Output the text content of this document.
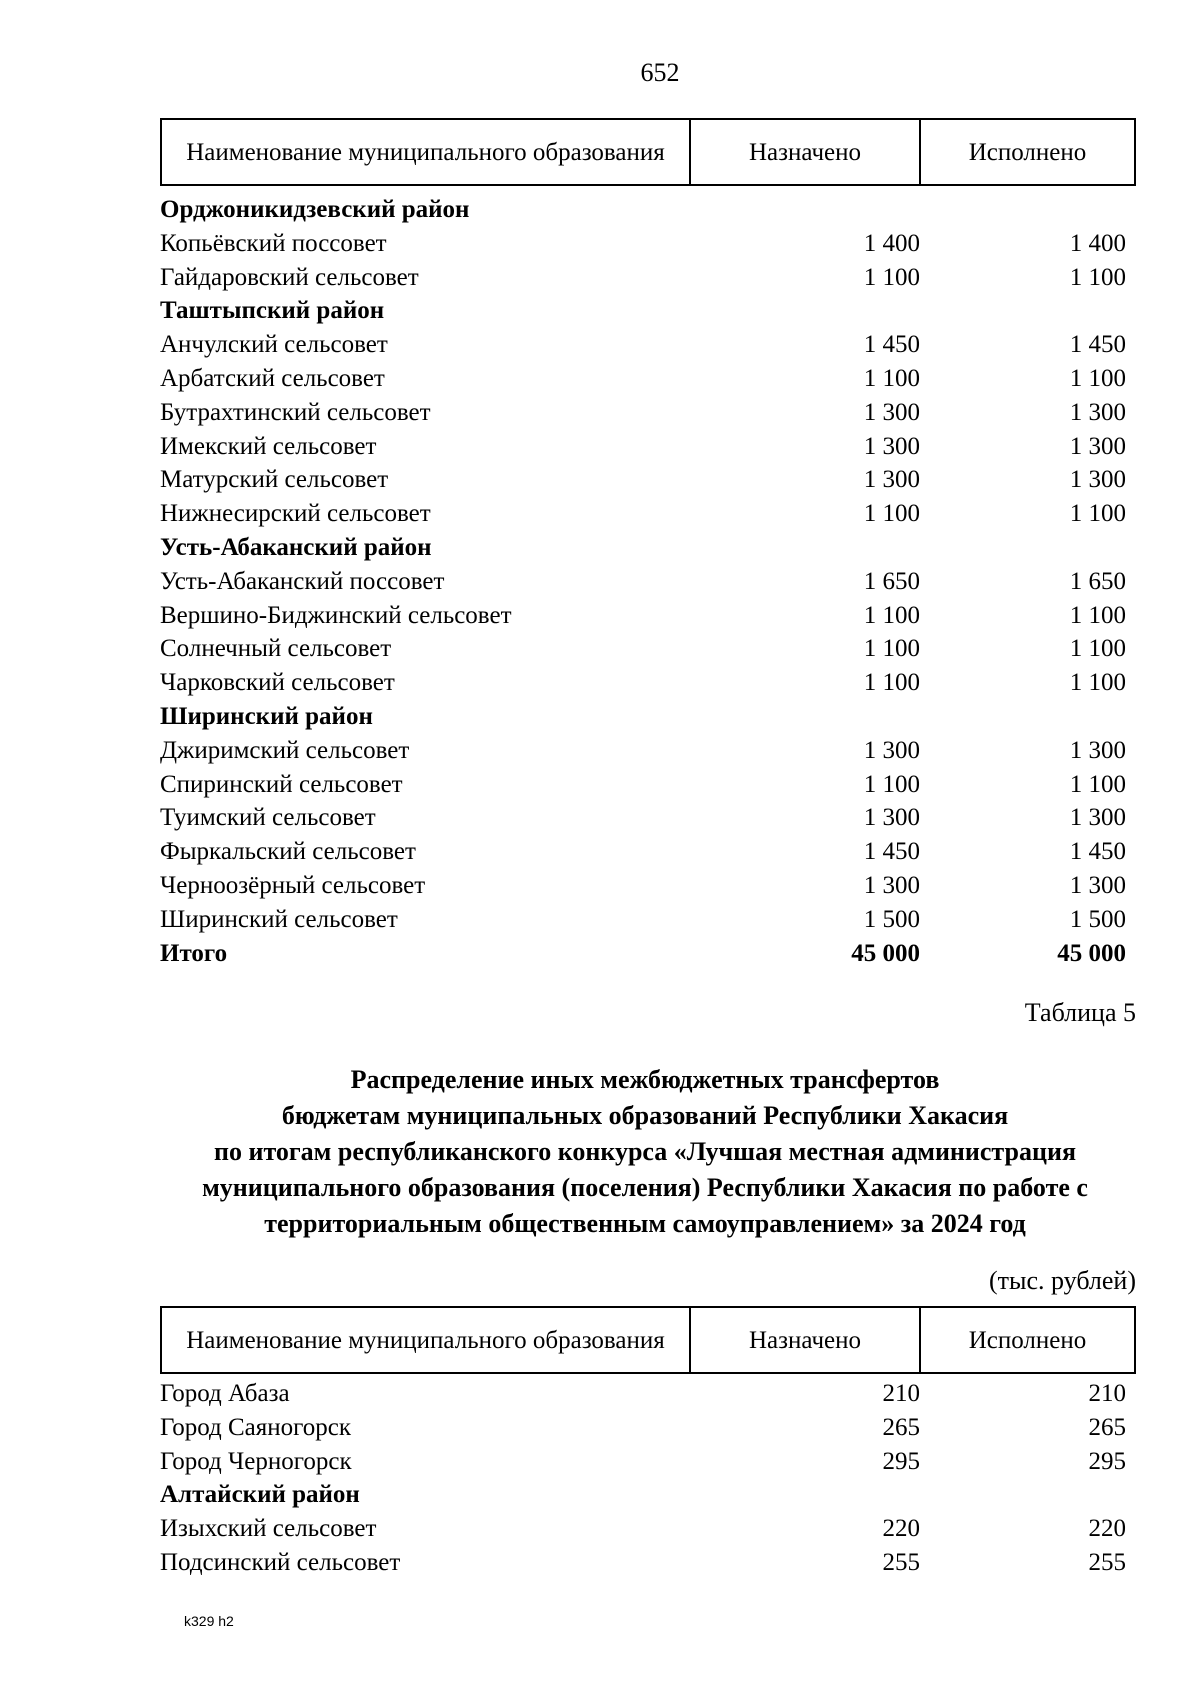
652
Наименование муниципального образования	Назначено	Исполнено
Орджоникидзевский район
Копьёвский поссовет	1 400	1 400
Гайдаровский сельсовет	1 100	1 100
Таштыпский район
Анчулский сельсовет	1 450	1 450
Арбатский сельсовет	1 100	1 100
Бутрахтинский сельсовет	1 300	1 300
Имекский сельсовет	1 300	1 300
Матурский сельсовет	1 300	1 300
Нижнесирский сельсовет	1 100	1 100
Усть-Абаканский район
Усть-Абаканский поссовет	1 650	1 650
Вершино-Биджинский сельсовет	1 100	1 100
Солнечный сельсовет	1 100	1 100
Чарковский сельсовет	1 100	1 100
Ширинский район
Джиримский сельсовет	1 300	1 300
Спиринский сельсовет	1 100	1 100
Туимский сельсовет	1 300	1 300
Фыркальский сельсовет	1 450	1 450
Черноозёрный сельсовет	1 300	1 300
Ширинский сельсовет	1 500	1 500
Итого	45 000	45 000
Таблица 5
Распределение иных межбюджетных трансфертов
бюджетам муниципальных образований Республики Хакасия
по итогам республиканского конкурса «Лучшая местная администрация
муниципального образования (поселения) Республики Хакасия по работе с
территориальным общественным самоуправлением» за 2024 год
(тыс. рублей)
Наименование муниципального образования	Назначено	Исполнено
Город Абаза	210	210
Город Саяногорск	265	265
Город Черногорск	295	295
Алтайский район
Изыхский сельсовет	220	220
Подсинский сельсовет	255	255
k329 h2
